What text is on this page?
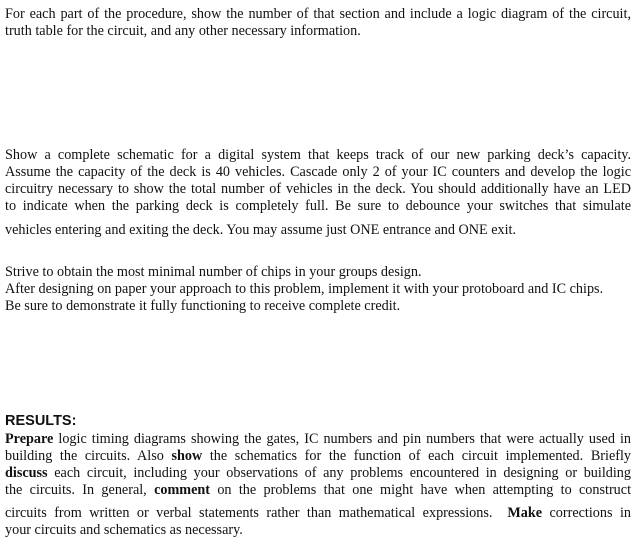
For each part of the procedure, show the number of that section and include a logic diagram of the circuit,
truth table for the circuit, and any other necessary information.

Show a complete schematic for a digital system that keeps track of our new parking deck’s capacity.
Assume the capacity of the deck is 40 vehicles. Cascade only 2 of your IC counters and develop the logic
circuitry necessary to show the total number of vehicles in the deck. You should additionally have an LED
to indicate when the parking deck is completely full. Be sure to debounce your switches that simulate
vehicles entering and exiting the deck. You may assume just ONE entrance and ONE exit.

Strive to obtain the most minimal number of chips in your groups design.
After designing on paper your approach to this problem, implement it with your protoboard and IC chips.
Be sure to demonstrate it fully functioning to receive complete credit.

RESULTS:

Prepare logic timing diagrams showing the gates, IC numbers and pin numbers that were actually used in
building the circuits. Also show the schematics for the function of each circuit implemented. Briefly
discuss each circuit, including your observations of any problems encountered in designing or building
the circuits. In general, comment on the problems that one might have when attempting to construct
circuits from written or verbal statements rather than mathematical expressions.  Make corrections in
your circuits and schematics as necessary.
